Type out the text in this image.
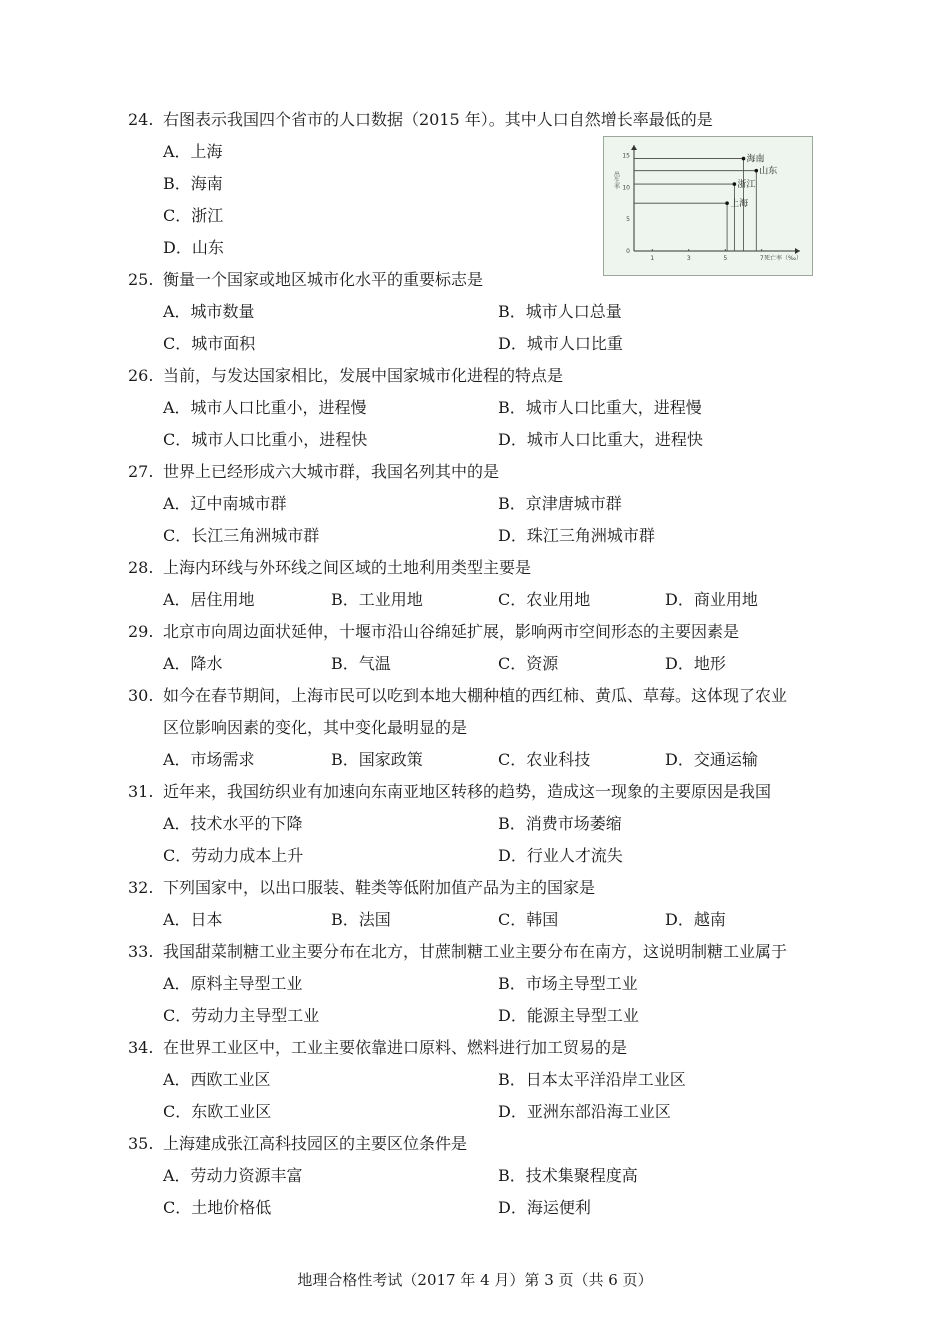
24. 右图表示我国四个省市的人口数据（2015 年）。其中人口自然增长率最低的是
A．上海
B．海南
C．浙江
D．山东
25. 衡量一个国家或地区城市化水平的重要标志是
A．城市数量	B．城市人口总量
C．城市面积	D．城市人口比重
26. 当前，与发达国家相比，发展中国家城市化进程的特点是
A．城市人口比重小，进程慢	B．城市人口比重大，进程慢
C．城市人口比重小，进程快	D．城市人口比重大，进程快
27. 世界上已经形成六大城市群，我国名列其中的是
A．辽中南城市群	B．京津唐城市群
C．长江三角洲城市群	D．珠江三角洲城市群
28. 上海内环线与外环线之间区域的土地利用类型主要是
A．居住用地	B．工业用地	C．农业用地	D．商业用地
29. 北京市向周边面状延伸，十堰市沿山谷绵延扩展，影响两市空间形态的主要因素是
A．降水	B．气温	C．资源	D．地形
30. 如今在春节期间，上海市民可以吃到本地大棚种植的西红柿、黄瓜、草莓。这体现了农业
区位影响因素的变化，其中变化最明显的是
A．市场需求	B．国家政策	C．农业科技	D．交通运输
31. 近年来，我国纺织业有加速向东南亚地区转移的趋势，造成这一现象的主要原因是我国
A．技术水平的下降	B．消费市场萎缩
C．劳动力成本上升	D．行业人才流失
32. 下列国家中，以出口服装、鞋类等低附加值产品为主的国家是
A．日本	B．法国	C．韩国	D．越南
33. 我国甜菜制糖工业主要分布在北方，甘蔗制糖工业主要分布在南方，这说明制糖工业属于
A．原料主导型工业	B．市场主导型工业
C．劳动力主导型工业	D．能源主导型工业
34. 在世界工业区中，工业主要依靠进口原料、燃料进行加工贸易的是
A．西欧工业区	B．日本太平洋沿岸工业区
C．东欧工业区	D．亚洲东部沿海工业区
35. 上海建成张江高科技园区的主要区位条件是
A．劳动力资源丰富	B．技术集聚程度高
C．土地价格低	D．海运便利
0
5
10
15
1	3	5	7
出生率
死亡率（‰）
海南
山东
浙江
上海
地理合格性考试（2017 年 4 月）第 3 页（共 6 页）
